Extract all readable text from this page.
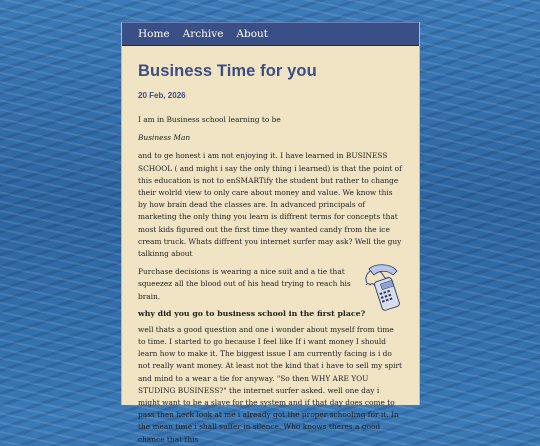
Home Archive About
Business Time for you
20 Feb, 2026

I am in Business school learning to be

Business Man

and to ge honest i am not enjoying it. I have learned in BUSINESS SCHOOL ( and might i say the only thing i learned) is that the point of this education is not to enSMARTify the student but rather to change their wolrld view to only care about money and value. We know this by how brain dead the classes are. In advanced principals of marketing the only thing you learn is diffrent terms for concepts that most kids figured out the first time they wanted candy from the ice cream truck. Whats diffrent you internet surfer may ask? Well the guy talkinng about

Purchase decisions is wearing a nice suit and a tie that squeezez all the blood out of his head trying to reach his brain.

why did you go to business school in the first place?

well thats a good question and one i wonder about myself from time to time. I started to go because I feel like If i want money I should learn how to make it. The biggest issue I am currently facing is i do not really want money. At least not the kind that i have to sell my spirt and mind to a wear a tie for anyway. "So then WHY ARE YOU STUDING BUSINESS?" the internet surfer asked. well one day i might want to be a slave for the system and if that day does come to pass then heck look at me i already got the proper schooling for it. In the mean time i shall suffer in silence. Who knows theres a good chance that this
